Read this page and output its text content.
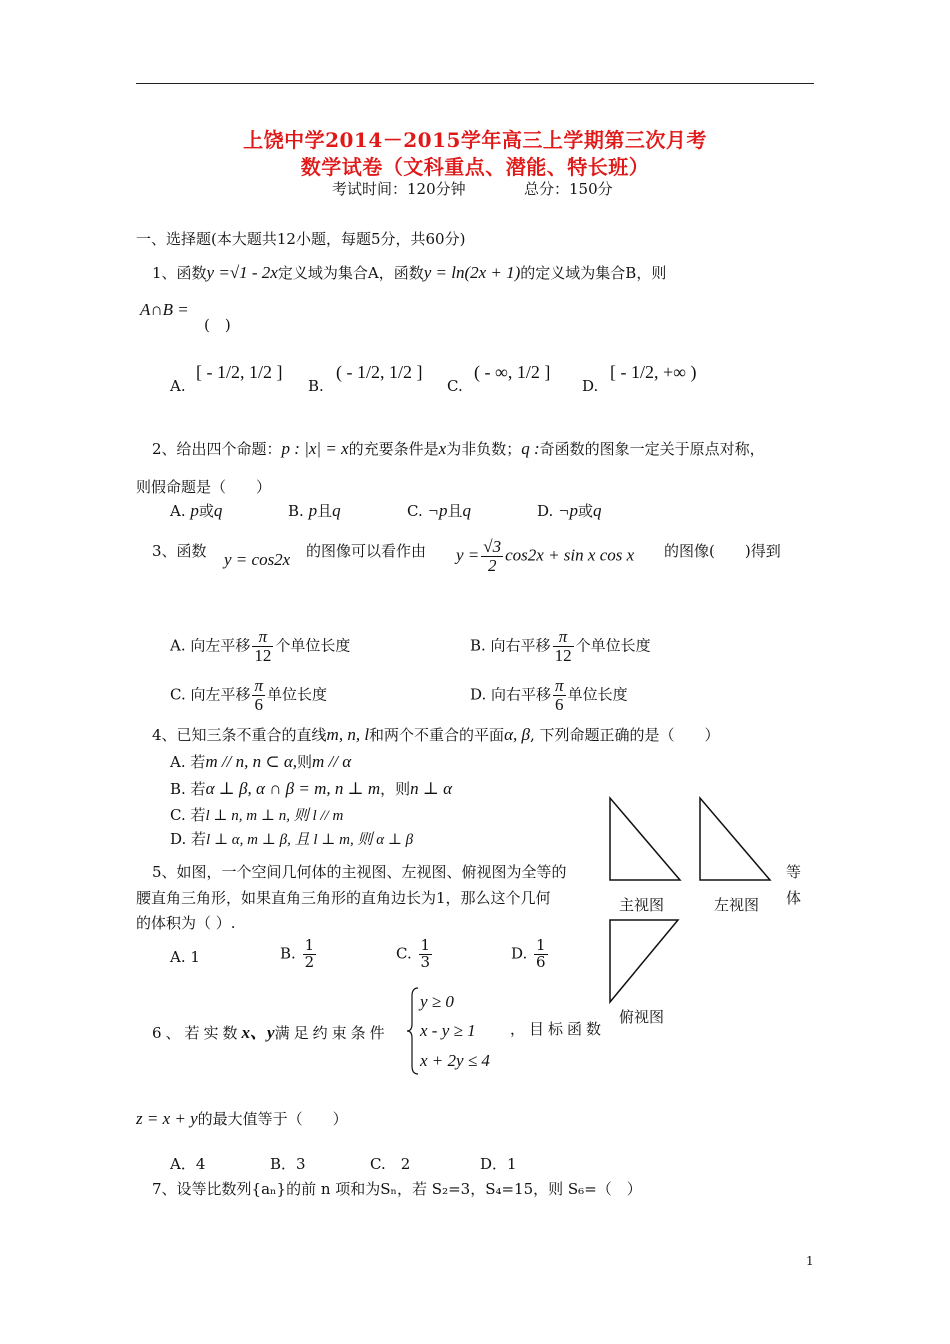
上饶中学2014－2015学年高三上学期第三次月考
数学试卷（文科重点、潜能、特长班）
考试时间：120分钟	总分：150分
一、选择题(本大题共12小题，每题5分，共60分)
1、函数y =√1 - 2x定义域为集合A，函数y = ln(2x + 1)的定义域为集合B，则
A∩B =
(　)
A.
[ - 1/2, 1/2 ]
B.
( - 1/2, 1/2 ]
C.
( - ∞, 1/2 ]
D.
[ - 1/2, +∞ )
2、给出四个命题：p : |x| = x的充要条件是x为非负数；q :奇函数的图象一定关于原点对称，
则假命题是（　　）
A. p或q	B. p且q	C. ¬p且q	D. ¬p或q
3、函数 y = cos2x 的图像可以看作由 $y = \frac{√3}{2} \cos 2x + \sin x$ cos x 的图像(　　)得到
A. 向左平移 $\frac{\pi}{12}$ 个单位长度	B. 向右平移 $\frac{\pi}{12}$ 个单位长度
C. 向左平移 $\frac{\pi}{6}$ 单位长度	D. 向右平移 $\frac{\pi}{6}$ 单位长度
4、已知三条不重合的直线m, n, l和两个不重合的平面α, β, 下列命题正确的是（　　）
A. 若m // n, n ⊂ α,则m // α
B. 若α ⊥ β, α ∩ β = m, n ⊥ m，则n ⊥ α
C. 若l ⊥ n, m ⊥ n, 则 l // m
D. 若l ⊥ α, m ⊥ β, 且 l ⊥ m, 则 α ⊥ β
主视图	左视图
俯视图
等
体
5、如图，一个空间几何体的主视图、左视图、俯视图为全等的
腰直角三角形，如果直角三角形的直角边长为1，那么这个几何
的体积为（ ）.
A. 1	B. $\frac{1}{2}$	C. $\frac{1}{3}$	D. $\frac{1}{6}$
6、若实数x、y满足约束条件
y ≥ 0
x - y ≥ 1
x + 2y ≤ 4
，目标函数
z = x + y的最大值等于（　　）
A．4	B．3	C.　2	D．1
7、设等比数列{aₙ}的前 n 项和为Sₙ，若 S₂=3，S₄=15，则 S₆=（　）
1
